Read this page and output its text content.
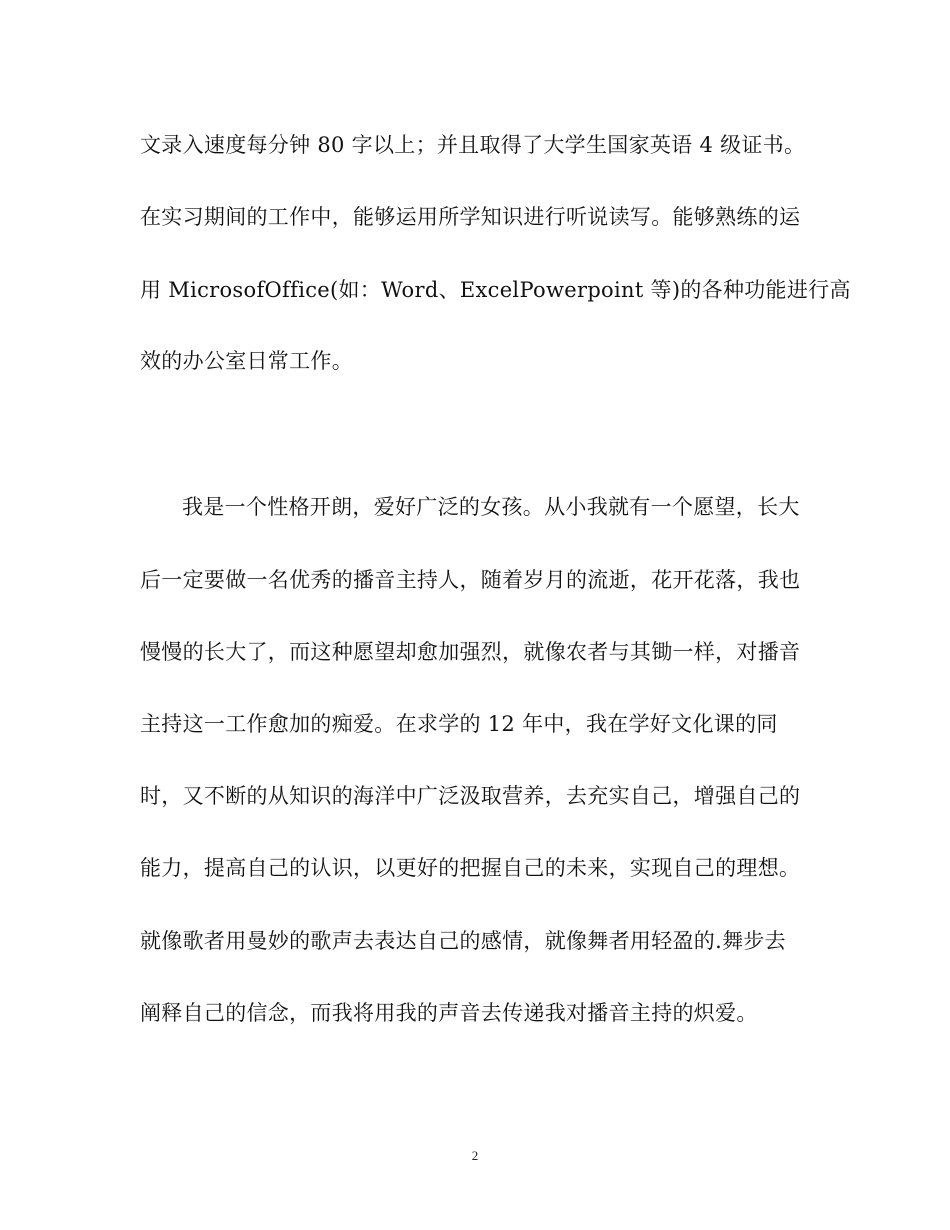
文录入速度每分钟 80 字以上；并且取得了大学生国家英语 4 级证书。
在实习期间的工作中，能够运用所学知识进行听说读写。能够熟练的运
用 MicrosofOffice(如：Word、ExcelPowerpoint 等)的各种功能进行高
效的办公室日常工作。
我是一个性格开朗，爱好广泛的女孩。从小我就有一个愿望，长大
后一定要做一名优秀的播音主持人，随着岁月的流逝，花开花落，我也
慢慢的长大了，而这种愿望却愈加强烈，就像农者与其锄一样，对播音
主持这一工作愈加的痴爱。在求学的 12 年中，我在学好文化课的同
时，又不断的从知识的海洋中广泛汲取营养，去充实自己，增强自己的
能力，提高自己的认识，以更好的把握自己的未来，实现自己的理想。
就像歌者用曼妙的歌声去表达自己的感情，就像舞者用轻盈的.舞步去
阐释自己的信念，而我将用我的声音去传递我对播音主持的炽爱。
2
